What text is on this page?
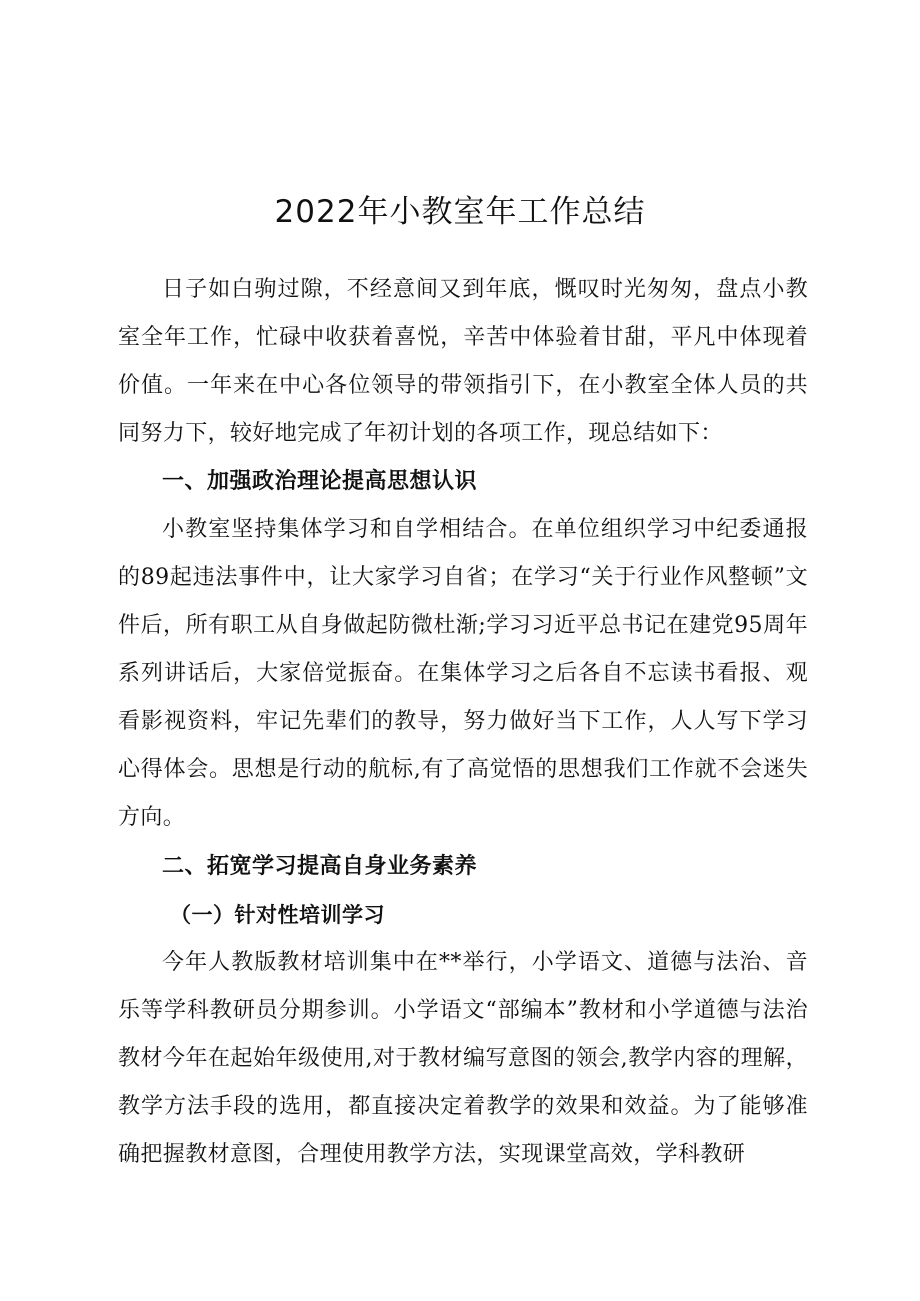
2022年小教室年工作总结

日子如白驹过隙，不经意间又到年底，慨叹时光匆匆，盘点小教室全年工作，忙碌中收获着喜悦，辛苦中体验着甘甜，平凡中体现着价值。一年来在中心各位领导的带领指引下，在小教室全体人员的共同努力下，较好地完成了年初计划的各项工作，现总结如下：

一、加强政治理论提高思想认识

小教室坚持集体学习和自学相结合。在单位组织学习中纪委通报的89起违法事件中，让大家学习自省；在学习“关于行业作风整顿”文件后，所有职工从自身做起防微杜渐;学习习近平总书记在建党95周年系列讲话后，大家倍觉振奋。在集体学习之后各自不忘读书看报、观看影视资料，牢记先辈们的教导，努力做好当下工作，人人写下学习心得体会。思想是行动的航标,有了高觉悟的思想我们工作就不会迷失方向。

二、拓宽学习提高自身业务素养
（一）针对性培训学习

今年人教版教材培训集中在**举行，小学语文、道德与法治、音乐等学科教研员分期参训。小学语文“部编本”教材和小学道德与法治教材今年在起始年级使用,对于教材编写意图的领会,教学内容的理解，教学方法手段的选用，都直接决定着教学的效果和效益。为了能够准确把握教材意图，合理使用教学方法，实现课堂高效，学科教研
